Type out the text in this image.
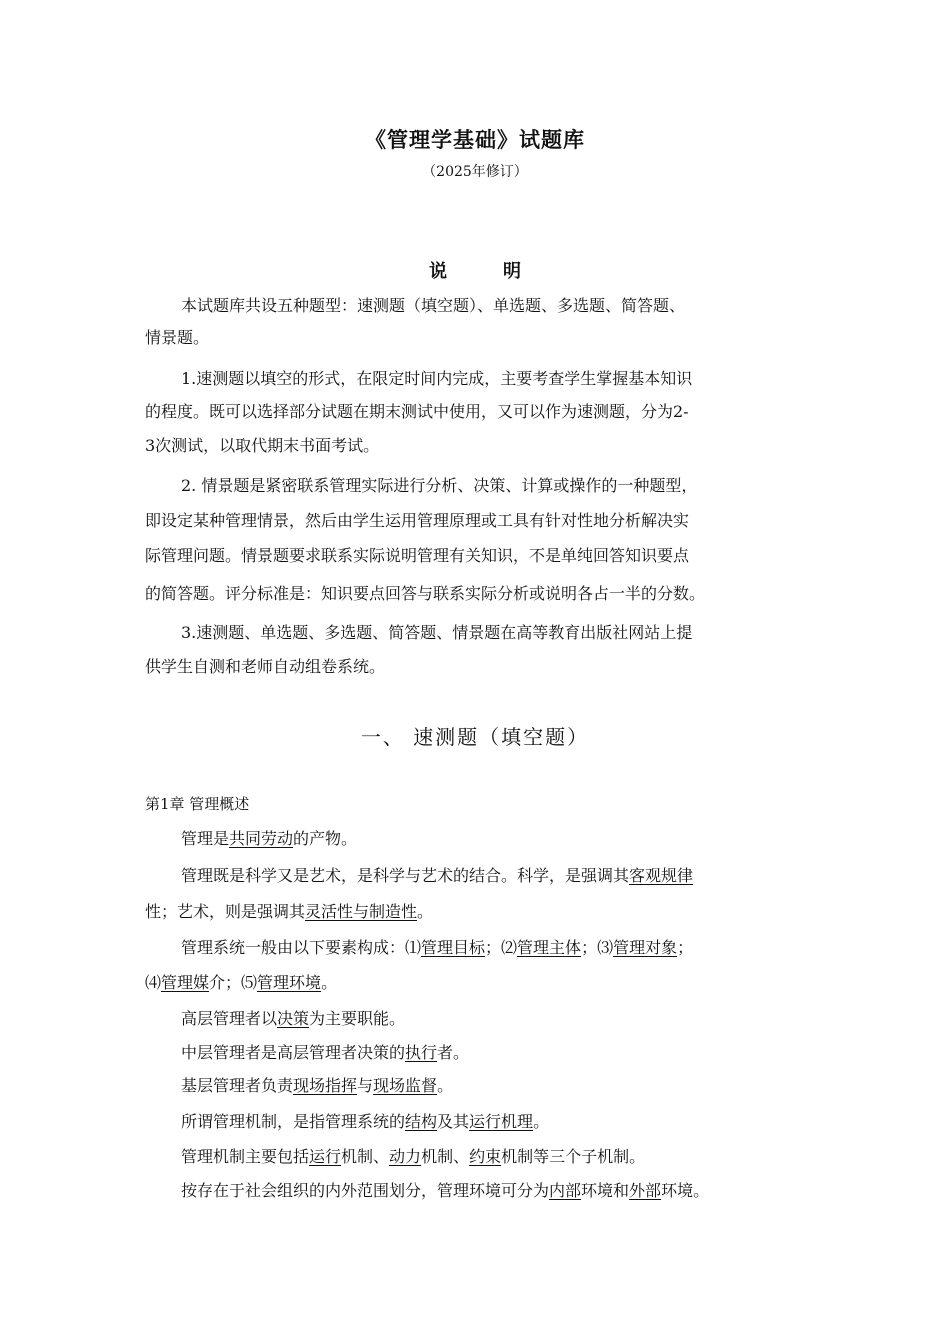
《管理学基础》试题库
（2025年修订）
说	明
本试题库共设五种题型：速测题（填空题）、单选题、多选题、简答题、
情景题。
1.速测题以填空的形式，在限定时间内完成，主要考查学生掌握基本知识
的程度。既可以选择部分试题在期末测试中使用，又可以作为速测题，分为2-
3次测试，以取代期末书面考试。
2. 情景题是紧密联系管理实际进行分析、决策、计算或操作的一种题型，
即设定某种管理情景，然后由学生运用管理原理或工具有针对性地分析解决实
际管理问题。情景题要求联系实际说明管理有关知识，不是单纯回答知识要点
的简答题。评分标准是：知识要点回答与联系实际分析或说明各占一半的分数。
3.速测题、单选题、多选题、简答题、情景题在高等教育出版社网站上提
供学生自测和老师自动组卷系统。
一、 速测题（填空题）
第1章 管理概述
管理是共同劳动的产物。
管理既是科学又是艺术，是科学与艺术的结合。科学，是强调其客观规律
性；艺术，则是强调其灵活性与制造性。
管理系统一般由以下要素构成：⑴管理目标；⑵管理主体；⑶管理对象；
⑷管理媒介；⑸管理环境。
高层管理者以决策为主要职能。
中层管理者是高层管理者决策的执行者。
基层管理者负责现场指挥与现场监督。
所谓管理机制，是指管理系统的结构及其运行机理。
管理机制主要包括运行机制、动力机制、约束机制等三个子机制。
按存在于社会组织的内外范围划分，管理环境可分为内部环境和外部环境。
